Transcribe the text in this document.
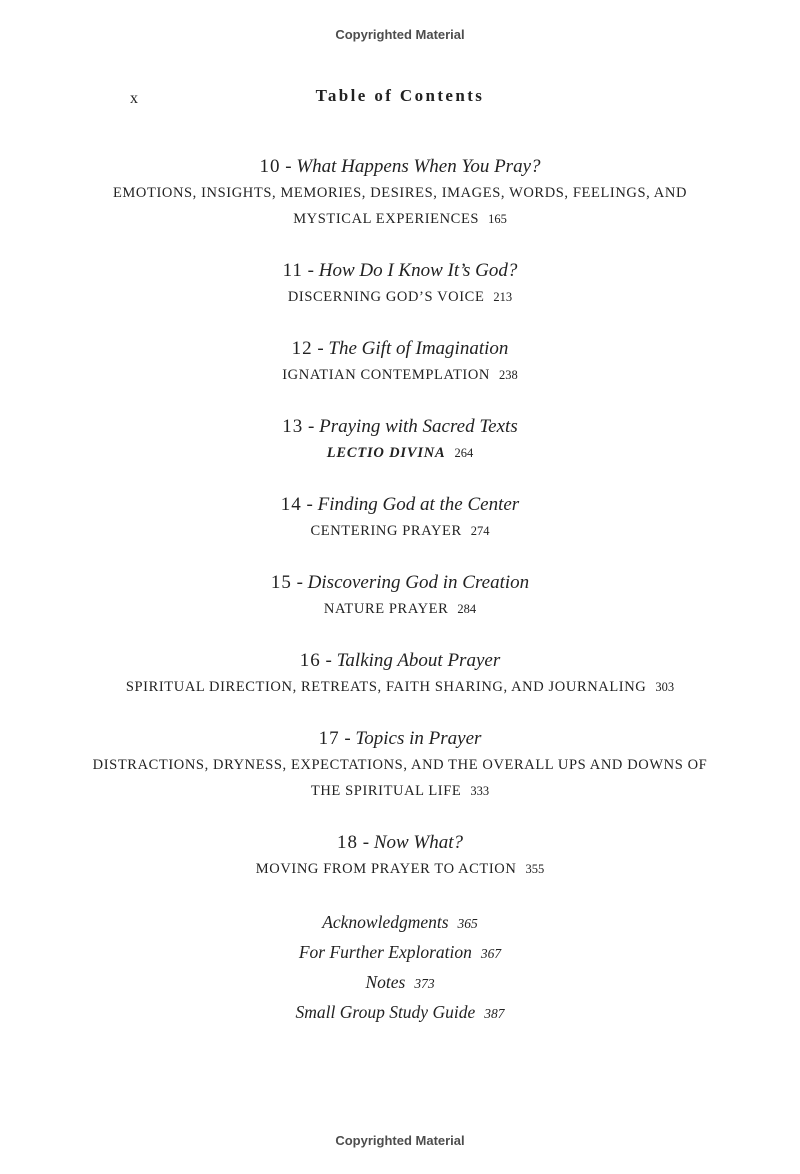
Copyrighted Material
x	Table of Contents
10 - What Happens When You Pray?
EMOTIONS, INSIGHTS, MEMORIES, DESIRES, IMAGES, WORDS, FEELINGS, AND MYSTICAL EXPERIENCES 165
11 - How Do I Know It’s God?
DISCERNING GOD’S VOICE 213
12 - The Gift of Imagination
IGNATIAN CONTEMPLATION 238
13 - Praying with Sacred Texts
LECTIO DIVINA 264
14 - Finding God at the Center
CENTERING PRAYER 274
15 - Discovering God in Creation
NATURE PRAYER 284
16 - Talking About Prayer
SPIRITUAL DIRECTION, RETREATS, FAITH SHARING, AND JOURNALING 303
17 - Topics in Prayer
DISTRACTIONS, DRYNESS, EXPECTATIONS, AND THE OVERALL UPS AND DOWNS OF THE SPIRITUAL LIFE 333
18 - Now What?
MOVING FROM PRAYER TO ACTION 355
Acknowledgments 365
For Further Exploration 367
Notes 373
Small Group Study Guide 387
Copyrighted Material
